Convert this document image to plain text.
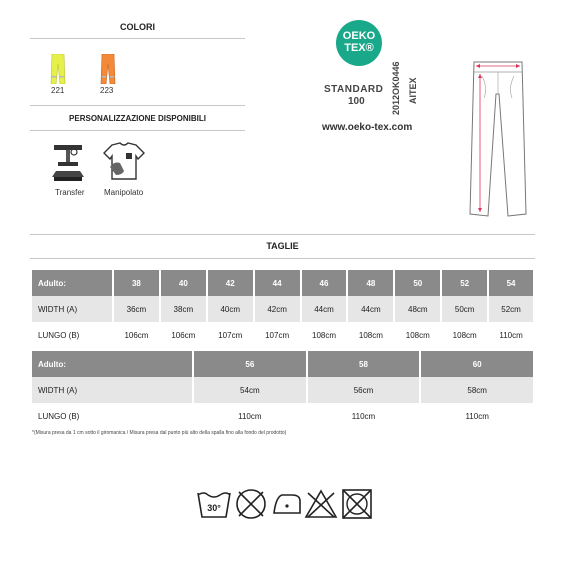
COLORI
221	223
PERSONALIZZAZIONE DISPONIBILI
Transfer Manipolato
OEKO
TEX®
STANDARD
100	2012OK0446 AITEX
www.oeko-tex.com
TAGLIE
Adulto:	38	40	42	44	46	48	50	52	54
WIDTH (A)	36cm	38cm	40cm	42cm	44cm	44cm	48cm	50cm	52cm
LUNGO (B)	106cm	106cm	107cm	107cm	108cm	108cm	108cm	108cm	110cm
Adulto:	56	58	60
WIDTH (A)	54cm	56cm	58cm
LUNGO (B)	110cm	110cm	110cm
*(Misura presa da 1 cm sotto il giromanica / Misura presa dal punto più alto della spalla fino alla fondo del prodotto)
30°
